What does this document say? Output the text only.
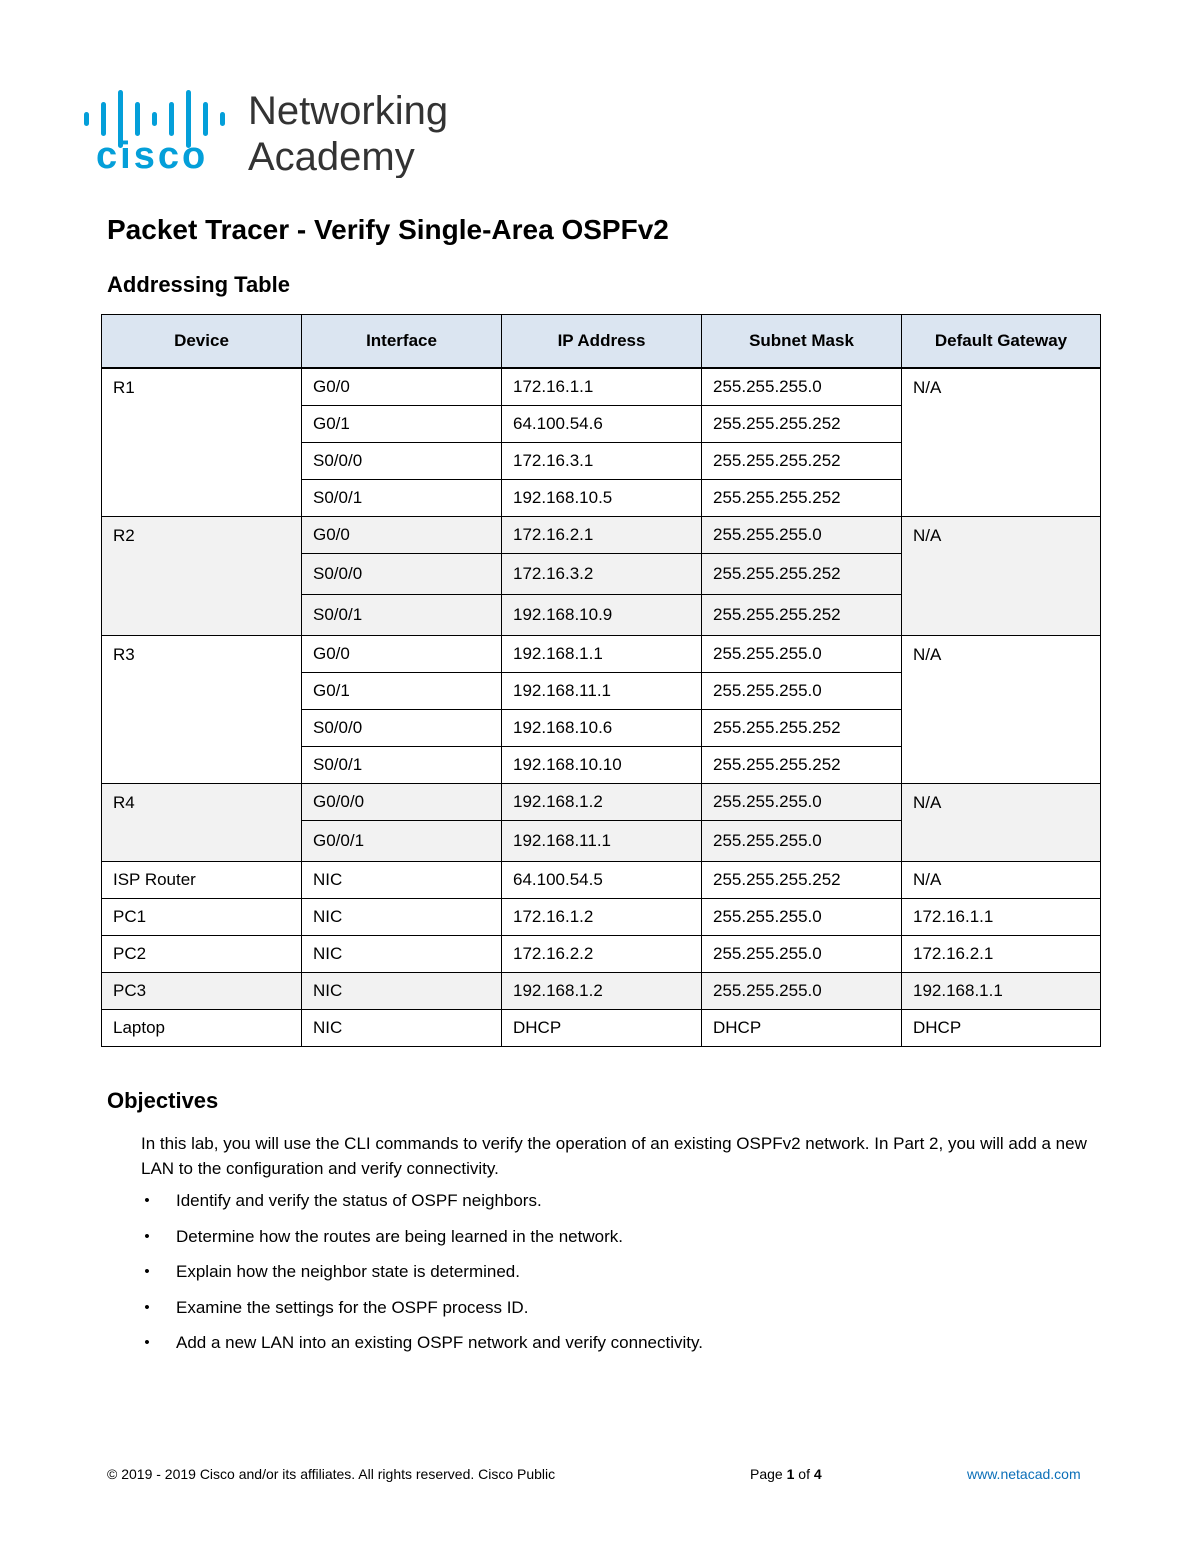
cisco
Networking
Academy
Packet Tracer - Verify Single-Area OSPFv2
Addressing Table
Device	Interface	IP Address	Subnet Mask	Default Gateway
R1	G0/0	172.16.1.1	255.255.255.0	N/A
	G0/1	64.100.54.6	255.255.255.252	
	S0/0/0	172.16.3.1	255.255.255.252	
	S0/0/1	192.168.10.5	255.255.255.252	
R2	G0/0	172.16.2.1	255.255.255.0	N/A
	S0/0/0	172.16.3.2	255.255.255.252	
	S0/0/1	192.168.10.9	255.255.255.252	
R3	G0/0	192.168.1.1	255.255.255.0	N/A
	G0/1	192.168.11.1	255.255.255.0	
	S0/0/0	192.168.10.6	255.255.255.252	
	S0/0/1	192.168.10.10	255.255.255.252	
R4	G0/0/0	192.168.1.2	255.255.255.0	N/A
	G0/0/1	192.168.11.1	255.255.255.0	
ISP Router	NIC	64.100.54.5	255.255.255.252	N/A
PC1	NIC	172.16.1.2	255.255.255.0	172.16.1.1
PC2	NIC	172.16.2.2	255.255.255.0	172.16.2.1
PC3	NIC	192.168.1.2	255.255.255.0	192.168.1.1
Laptop	NIC	DHCP	DHCP	DHCP
Objectives

In this lab, you will use the CLI commands to verify the operation of an existing OSPFv2 network. In Part 2, you will add a new LAN to the configuration and verify connectivity.

• Identify and verify the status of OSPF neighbors.
• Determine how the routes are being learned in the network.
• Explain how the neighbor state is determined.
• Examine the settings for the OSPF process ID.
• Add a new LAN into an existing OSPF network and verify connectivity.
© 2019 - 2019 Cisco and/or its affiliates. All rights reserved. Cisco Public	Page 1 of 4	www.netacad.com
